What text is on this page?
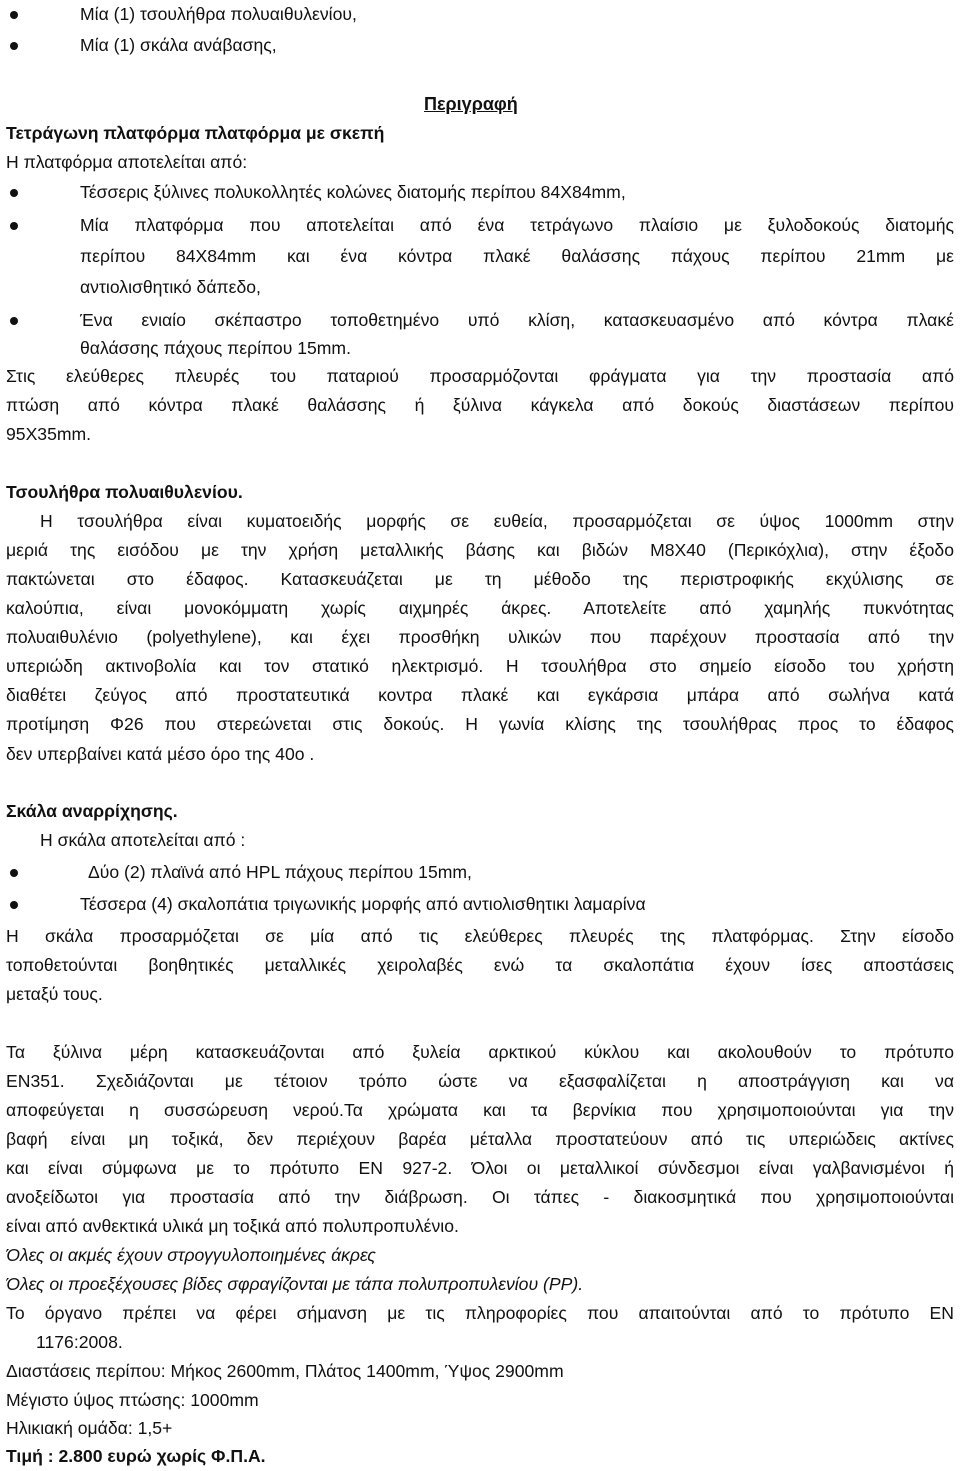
Μία (1) τσουλήθρα πολυαιθυλενίου,
Μία (1) σκάλα ανάβασης,
Περιγραφή
Τετράγωνη πλατφόρμα πλατφόρμα με σκεπή
Η πλατφόρμα αποτελείται από:
Τέσσερις ξύλινες πολυκολλητές κολώνες διατομής περίπου 84Χ84mm,
Μία πλατφόρμα που αποτελείται από ένα τετράγωνο πλαίσιο με ξυλοδοκούς διατομής
περίπου 84Χ84mm και ένα κόντρα πλακέ θαλάσσης πάχους περίπου 21mm με
αντιολισθητικό δάπεδο,
Ένα ενιαίο σκέπαστρο τοποθετημένο υπό κλίση, κατασκευασμένο από κόντρα πλακέ
θαλάσσης πάχους περίπου 15mm.
Στις ελεύθερες πλευρές του παταριού προσαρμόζονται φράγματα για την προστασία από
πτώση από κόντρα πλακέ θαλάσσης ή ξύλινα κάγκελα από δοκούς διαστάσεων περίπου
95Χ35mm.
Τσουλήθρα πολυαιθυλενίου.
Η τσουλήθρα είναι κυματοειδής μορφής σε ευθεία, προσαρμόζεται σε ύψος 1000mm στην
μεριά της εισόδου με την χρήση μεταλλικής βάσης και βιδών Μ8Χ40 (Περικόχλια), στην έξοδο
πακτώνεται στο έδαφος. Κατασκευάζεται με τη μέθοδο της περιστροφικής εκχύλισης σε
καλούπια, είναι μονοκόμματη χωρίς αιχμηρές άκρες. Αποτελείτε από χαμηλής πυκνότητας
πολυαιθυλένιο (polyethylene), και έχει προσθήκη υλικών που παρέχουν προστασία από την
υπεριώδη ακτινοβολία και τον στατικό ηλεκτρισμό. Η τσουλήθρα στο σημείο είσοδο του χρήστη
διαθέτει ζεύγος από προστατευτικά κοντρα πλακέ και εγκάρσια μπάρα από σωλήνα κατά
προτίμηση Φ26 που στερεώνεται στις δοκούς. Η γωνία κλίσης της τσουλήθρας προς το έδαφος
δεν υπερβαίνει κατά μέσο όρο της 40ο .
Σκάλα αναρρίχησης.
Η σκάλα αποτελείται από :
Δύο (2) πλαϊνά από HPL πάχους περίπου 15mm,
Τέσσερα (4) σκαλοπάτια τριγωνικής μορφής από αντιολισθητικι λαμαρίνα
Η σκάλα προσαρμόζεται σε μία από τις ελεύθερες πλευρές της πλατφόρμας. Στην είσοδο
τοποθετούνται βοηθητικές μεταλλικές χειρολαβές ενώ τα σκαλοπάτια έχουν ίσες αποστάσεις
μεταξύ τους.
Τα ξύλινα μέρη κατασκευάζονται από ξυλεία αρκτικού κύκλου και ακολουθούν το πρότυπο
EN351. Σχεδιάζονται με τέτοιον τρόπο ώστε να εξασφαλίζεται η αποστράγγιση και να
αποφεύγεται η συσσώρευση νερού.Τα χρώματα και τα βερνίκια που χρησιμοποιούνται για την
βαφή είναι μη τοξικά, δεν περιέχουν βαρέα μέταλλα προστατεύουν από τις υπεριώδεις ακτίνες
και είναι σύμφωνα με το πρότυπο EN 927-2. Όλοι οι μεταλλικοί σύνδεσμοι είναι γαλβανισμένοι ή
ανοξείδωτοι για προστασία από την διάβρωση. Οι τάπες - διακοσμητικά που χρησιμοποιούνται
είναι από ανθεκτικά υλικά μη τοξικά από πολυπροπυλένιο.
Όλες οι ακμές έχουν στρογγυλοποιημένες άκρες
Όλες οι προεξέχουσες βίδες σφραγίζονται με τάπα πολυπροπυλενίου (PP).
Το όργανο πρέπει να φέρει σήμανση με τις πληροφορίες που απαιτούνται από το πρότυπο ΕΝ
1176:2008.
Διαστάσεις περίπου: Μήκος 2600mm, Πλάτος 1400mm, Ύψος 2900mm
Μέγιστο ύψος πτώσης: 1000mm
Ηλικιακή ομάδα: 1,5+
Τιμή : 2.800 ευρώ χωρίς Φ.Π.Α.
